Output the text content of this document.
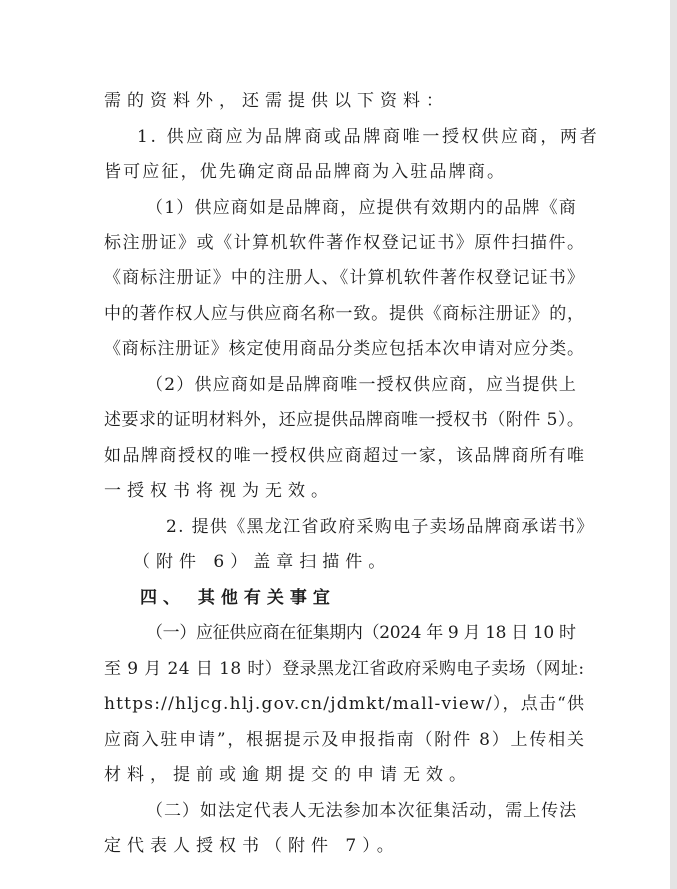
需的资料外，还需提供以下资料：
1. 供应商应为品牌商或品牌商唯一授权供应商，两者
皆可应征，优先确定商品品牌商为入驻品牌商。
（1）供应商如是品牌商，应提供有效期内的品牌《商
标注册证》或《计算机软件著作权登记证书》原件扫描件。
《商标注册证》中的注册人、《计算机软件著作权登记证书》
中的著作权人应与供应商名称一致。提供《商标注册证》的，
《商标注册证》核定使用商品分类应包括本次申请对应分类。
（2）供应商如是品牌商唯一授权供应商，应当提供上
述要求的证明材料外，还应提供品牌商唯一授权书（附件 5）。
如品牌商授权的唯一授权供应商超过一家，该品牌商所有唯
一授权书将视为无效。
2. 提供《黑龙江省政府采购电子卖场品牌商承诺书》
（附件 6）盖章扫描件。
四、 其他有关事宜
（一）应征供应商在征集期内（2024 年 9 月 18 日 10 时
至 9 月 24 日 18 时）登录黑龙江省政府采购电子卖场（网址:
https://hljcg.hlj.gov.cn/jdmkt/mall-view/），点击“供
应商入驻申请”，根据提示及申报指南（附件 8）上传相关
材料，提前或逾期提交的申请无效。
（二）如法定代表人无法参加本次征集活动，需上传法
定代表人授权书（附件 7）。
